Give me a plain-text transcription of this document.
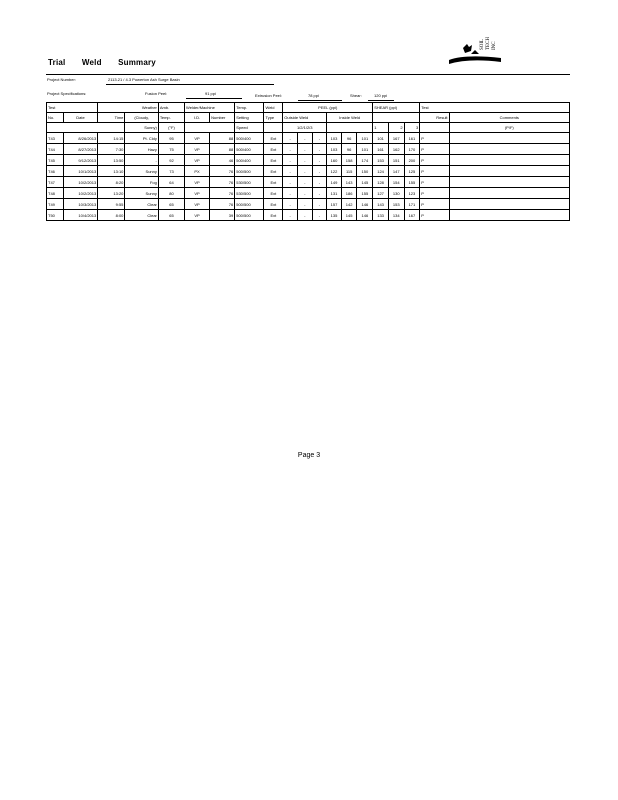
Trial Weld Summary
SOIL TECH INC
Project Number:	2113.21 / 4.3 Powerton Ash Surge Basin
Project Specifications:	Fusion Peel:	91 ppi	Extrusion Peel:	78 ppi	Shear:	120 ppi
Test		Weather		Amb.	Welder/Machine		Temp.	Weld	PEEL (ppi)						SHEAR (ppi)			Test	
No.	Date	Time	(Cloudy,	Temp.	I.D.	Number	Setting	Type	Outside Weld			Inside Weld						Result	Comments
			Sunny)	(°F)			Speed		1/2/1/2/3						1	2	3		(P/F)
T43	8/26/2013	14:15	Pt. Cldy	95	VP	88	500/400	Ext	-	-	-	103	96	101	101	167	161	P	
T44	8/27/2013	7:30	Hazy	75	VP	88	500/400	Ext	-	-	-	103	96	101	161	162	170	P	
T45	9/12/2013	13:50	-	92	VP	46	500/400	Ext	-	-	-	160	158	174	153	151	200	P	
T46	10/1/2013	13:10	Sunny	73	PX	76	500/500	Ext	-	-	-	122	115	150	124	147	125	P	
T47	10/2/2013	8:20	Fog	64	VP	76	530/500	Ext	-	-	-	149	143	145	128	154	155	P	
T48	10/2/2013	13:20	Sunny	80	VP	76	530/500	Ext	-	-	-	131	186	155	127	130	123	P	
T49	10/3/2013	9:55	Clear	65	VP	76	500/500	Ext	-	-	-	157	142	146	143	153	171	P	
T50	10/4/2013	8:00	Clear	65	VP	39	500/500	Ext	-	-	-	135	145	146	133	134	167	P	
Page 3
